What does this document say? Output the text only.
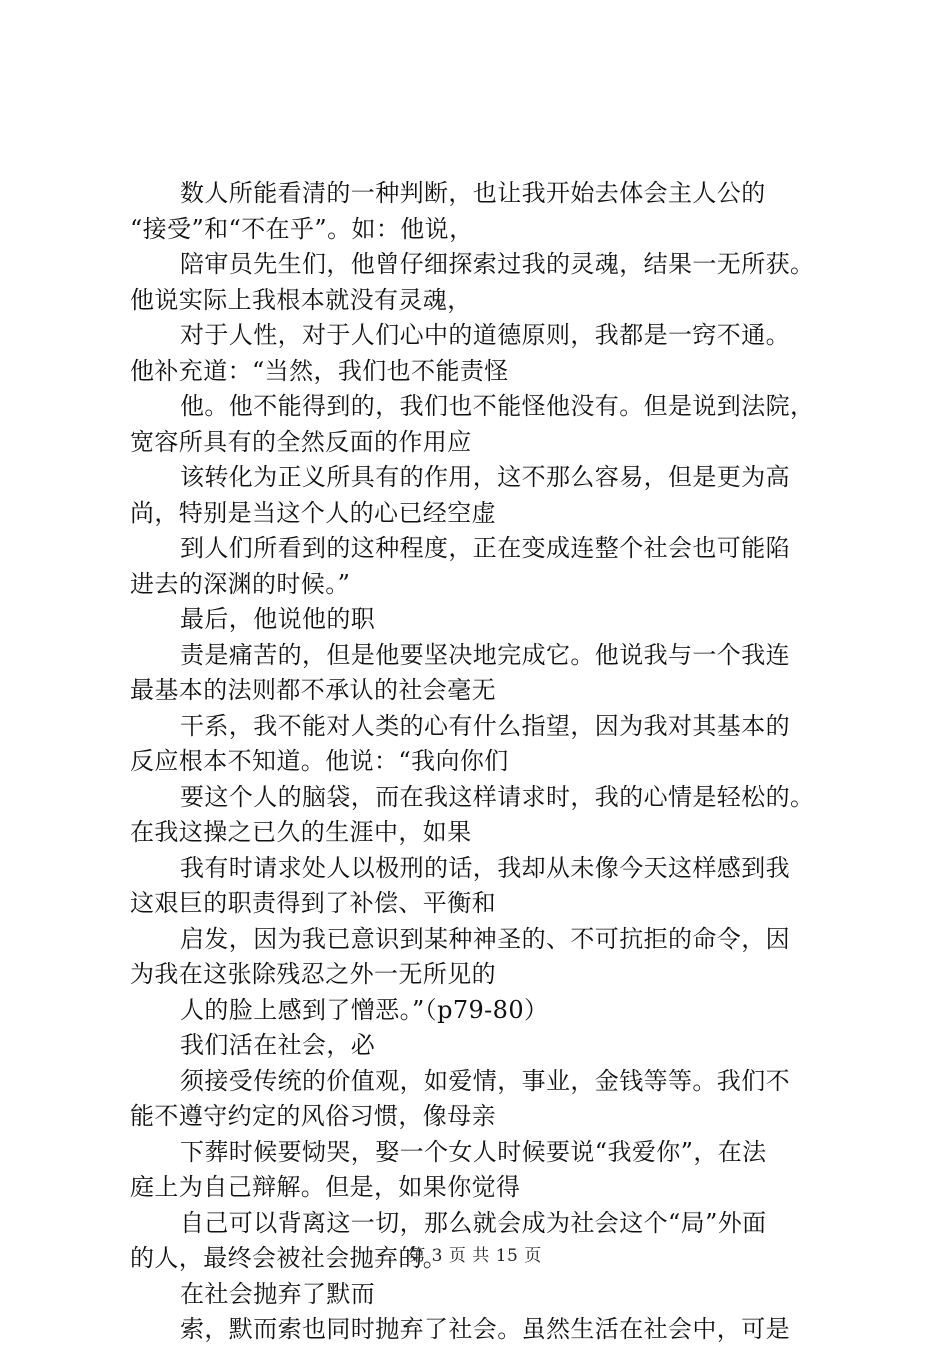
数人所能看清的一种判断，也让我开始去体会主人公的

“接受”和“不在乎”。如：他说，

陪审员先生们，他曾仔细探索过我的灵魂，结果一无所获。

他说实际上我根本就没有灵魂，

对于人性，对于人们心中的道德原则，我都是一窍不通。

他补充道：“当然，我们也不能责怪

他。他不能得到的，我们也不能怪他没有。但是说到法院，

宽容所具有的全然反面的作用应

该转化为正义所具有的作用，这不那么容易，但是更为高

尚，特别是当这个人的心已经空虚

到人们所看到的这种程度，正在变成连整个社会也可能陷

进去的深渊的时候。”

最后，他说他的职

责是痛苦的，但是他要坚决地完成它。他说我与一个我连

最基本的法则都不承认的社会毫无

干系，我不能对人类的心有什么指望，因为我对其基本的

反应根本不知道。他说：“我向你们

要这个人的脑袋，而在我这样请求时，我的心情是轻松的。

在我这操之已久的生涯中，如果

我有时请求处人以极刑的话，我却从未像今天这样感到我

这艰巨的职责得到了补偿、平衡和

启发，因为我已意识到某种神圣的、不可抗拒的命令，因

为我在这张除残忍之外一无所见的

人的脸上感到了憎恶。”（p79-80）

我们活在社会，必

须接受传统的价值观，如爱情，事业，金钱等等。我们不

能不遵守约定的风俗习惯，像母亲

下葬时候要恸哭，娶一个女人时候要说“我爱你”，在法

庭上为自己辩解。但是，如果你觉得

自己可以背离这一切，那么就会成为社会这个“局”外面

的人，最终会被社会抛弃的。

在社会抛弃了默而

索，默而索也同时抛弃了社会。虽然生活在社会中，可是

第 3 页 共 15 页
